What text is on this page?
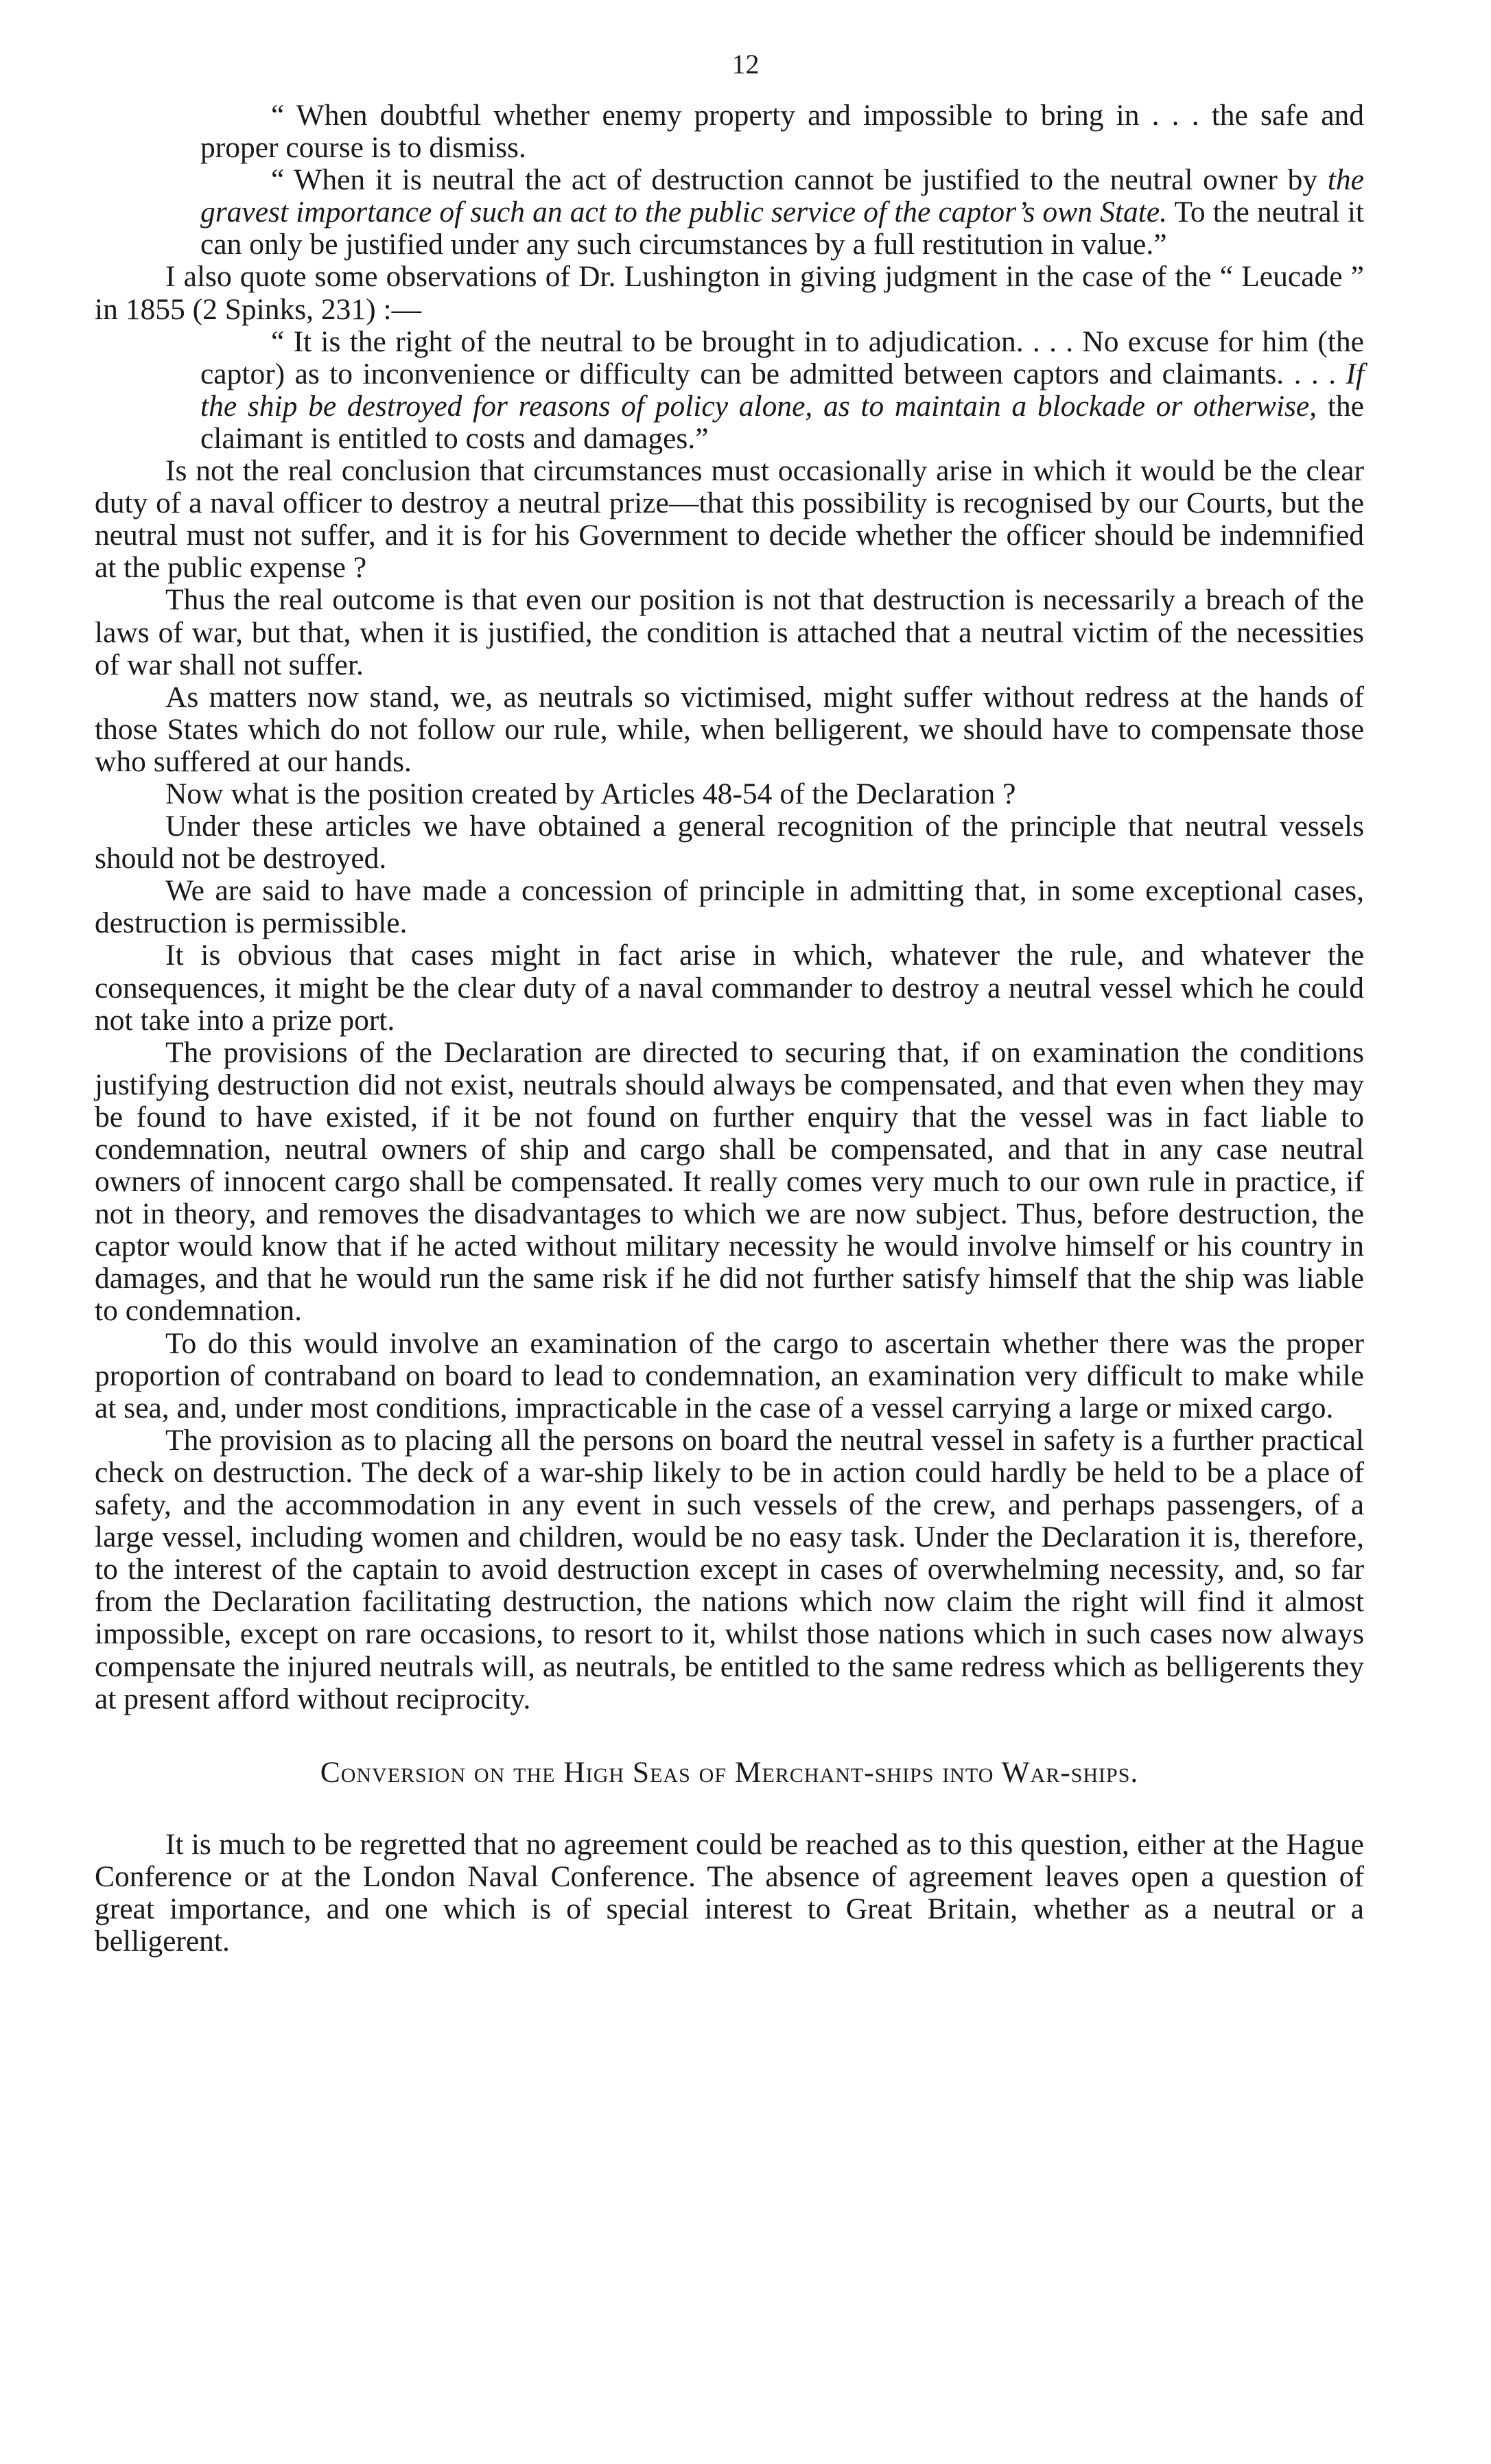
12

“ When doubtful whether enemy property and impossible to bring in . . . the safe and proper course is to dismiss.

“ When it is neutral the act of destruction cannot be justified to the neutral owner by the gravest importance of such an act to the public service of the captor’s own State. To the neutral it can only be justified under any such circumstances by a full restitution in value.”

I also quote some observations of Dr. Lushington in giving judgment in the case of the “ Leucade ” in 1855 (2 Spinks, 231) :—

“ It is the right of the neutral to be brought in to adjudication. . . . No excuse for him (the captor) as to inconvenience or difficulty can be admitted between captors and claimants. . . . If the ship be destroyed for reasons of policy alone, as to maintain a blockade or otherwise, the claimant is entitled to costs and damages.”

Is not the real conclusion that circumstances must occasionally arise in which it would be the clear duty of a naval officer to destroy a neutral prize—that this possibility is recognised by our Courts, but the neutral must not suffer, and it is for his Government to decide whether the officer should be indemnified at the public expense ?

Thus the real outcome is that even our position is not that destruction is necessarily a breach of the laws of war, but that, when it is justified, the condition is attached that a neutral victim of the necessities of war shall not suffer.

As matters now stand, we, as neutrals so victimised, might suffer without redress at the hands of those States which do not follow our rule, while, when belligerent, we should have to compensate those who suffered at our hands.

Now what is the position created by Articles 48-54 of the Declaration ?

Under these articles we have obtained a general recognition of the principle that neutral vessels should not be destroyed.

We are said to have made a concession of principle in admitting that, in some exceptional cases, destruction is permissible.

It is obvious that cases might in fact arise in which, whatever the rule, and whatever the consequences, it might be the clear duty of a naval commander to destroy a neutral vessel which he could not take into a prize port.

The provisions of the Declaration are directed to securing that, if on examination the conditions justifying destruction did not exist, neutrals should always be compensated, and that even when they may be found to have existed, if it be not found on further enquiry that the vessel was in fact liable to condemnation, neutral owners of ship and cargo shall be compensated, and that in any case neutral owners of innocent cargo shall be compensated. It really comes very much to our own rule in practice, if not in theory, and removes the disadvantages to which we are now subject. Thus, before destruction, the captor would know that if he acted without military necessity he would involve himself or his country in damages, and that he would run the same risk if he did not further satisfy himself that the ship was liable to condemnation.

To do this would involve an examination of the cargo to ascertain whether there was the proper proportion of contraband on board to lead to condemnation, an examination very difficult to make while at sea, and, under most conditions, impracticable in the case of a vessel carrying a large or mixed cargo.

The provision as to placing all the persons on board the neutral vessel in safety is a further practical check on destruction. The deck of a war-ship likely to be in action could hardly be held to be a place of safety, and the accommodation in any event in such vessels of the crew, and perhaps passengers, of a large vessel, including women and children, would be no easy task. Under the Declaration it is, therefore, to the interest of the captain to avoid destruction except in cases of overwhelming necessity, and, so far from the Declaration facilitating destruction, the nations which now claim the right will find it almost impossible, except on rare occasions, to resort to it, whilst those nations which in such cases now always compensate the injured neutrals will, as neutrals, be entitled to the same redress which as belligerents they at present afford without reciprocity.

Conversion on the High Seas of Merchant-ships into War-ships.

It is much to be regretted that no agreement could be reached as to this question, either at the Hague Conference or at the London Naval Conference. The absence of agreement leaves open a question of great importance, and one which is of special interest to Great Britain, whether as a neutral or a belligerent.
